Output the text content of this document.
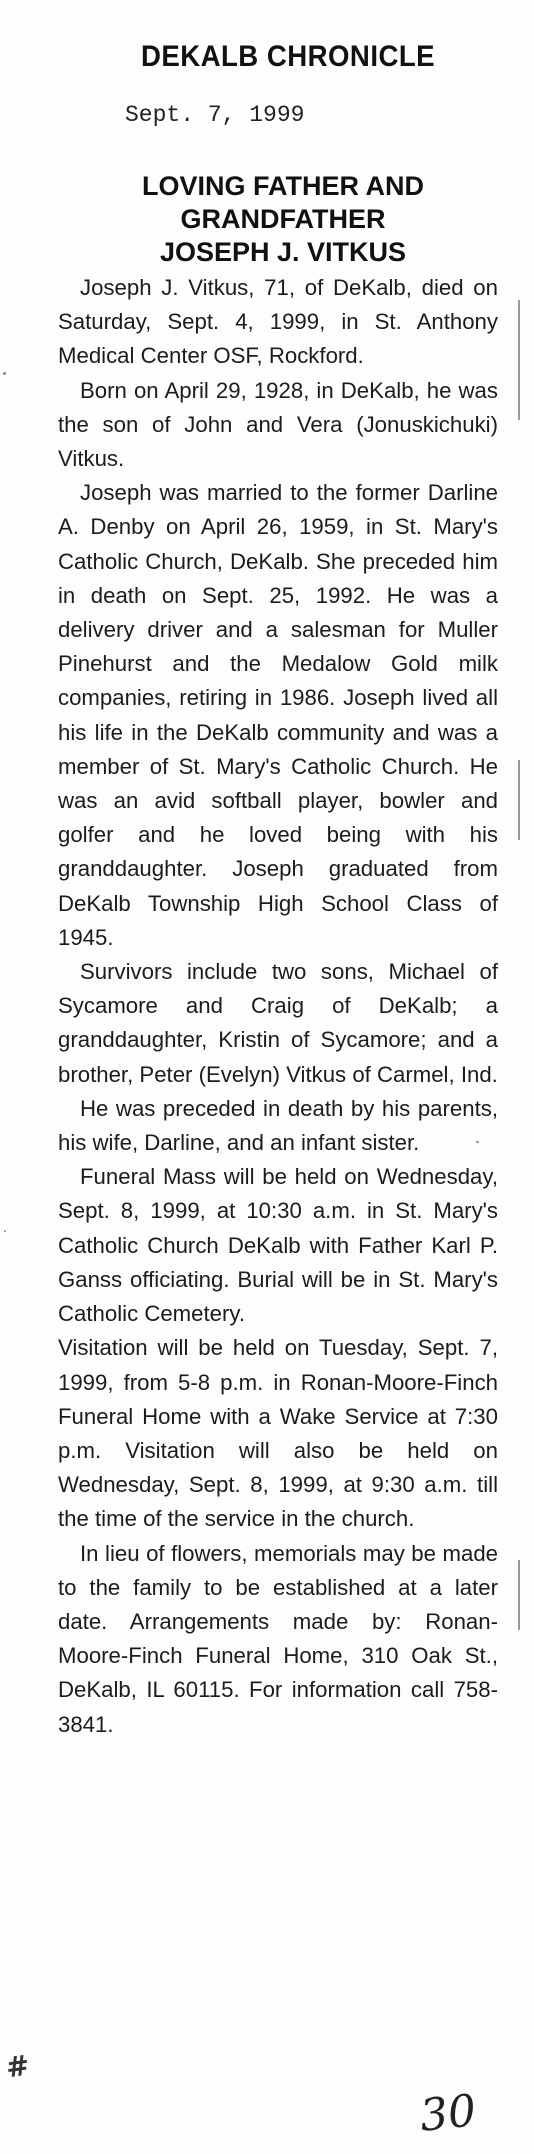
DEKALB CHRONICLE
Sept. 7, 1999
LOVING FATHER AND
GRANDFATHER
JOSEPH J. VITKUS

Joseph J. Vitkus, 71, of DeKalb, died on Saturday, Sept. 4, 1999, in St. Anthony Medical Center OSF, Rockford.

Born on April 29, 1928, in DeKalb, he was the son of John and Vera (Jonuskichuki) Vitkus.

Joseph was married to the former Darline A. Denby on April 26, 1959, in St. Mary's Catholic Church, DeKalb. She preceded him in death on Sept. 25, 1992. He was a delivery driver and a salesman for Muller Pinehurst and the Medalow Gold milk companies, retiring in 1986. Joseph lived all his life in the DeKalb community and was a member of St. Mary's Catholic Church. He was an avid softball player, bowler and golfer and he loved being with his granddaughter. Joseph graduated from DeKalb Township High School Class of 1945.

Survivors include two sons, Michael of Sycamore and Craig of DeKalb; a granddaughter, Kristin of Sycamore; and a brother, Peter (Evelyn) Vitkus of Carmel, Ind.

He was preceded in death by his parents, his wife, Darline, and an infant sister.

Funeral Mass will be held on Wednesday, Sept. 8, 1999, at 10:30 a.m. in St. Mary's Catholic Church DeKalb with Father Karl P. Ganss officiating. Burial will be in St. Mary's Catholic Cemetery.

Visitation will be held on Tuesday, Sept. 7, 1999, from 5-8 p.m. in Ronan-Moore-Finch Funeral Home with a Wake Service at 7:30 p.m. Visitation will also be held on Wednesday, Sept. 8, 1999, at 9:30 a.m. till the time of the service in the church.

In lieu of flowers, memorials may be made to the family to be established at a later date. Arrangements made by: Ronan-Moore-Finch Funeral Home, 310 Oak St., DeKalb, IL 60115. For information call 758-3841.

#
30
